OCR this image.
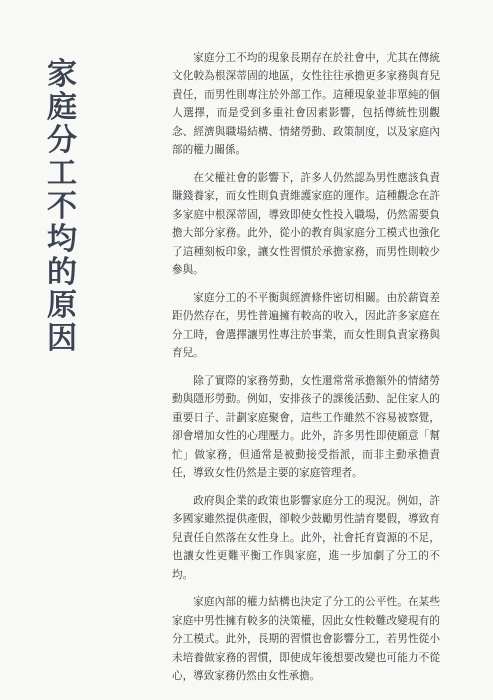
家
庭
分
工
不
均
的
原
因

家庭分工不均的現象長期存在於社會中，尤其在傳統文化較為根深蒂固的地區，女性往往承擔更多家務與育兒責任，而男性則專注於外部工作。這種現象並非單純的個人選擇，而是受到多重社會因素影響，包括傳統性別觀念、經濟與職場結構、情緒勞動、政策制度，以及家庭內部的權力關係。

在父權社會的影響下，許多人仍然認為男性應該負責賺錢養家，而女性則負責維護家庭的運作。這種觀念在許多家庭中根深蒂固，導致即使女性投入職場，仍然需要負擔大部分家務。此外，從小的教育與家庭分工模式也強化了這種刻板印象，讓女性習慣於承擔家務，而男性則較少參與。

家庭分工的不平衡與經濟條件密切相關。由於薪資差距仍然存在，男性普遍擁有較高的收入，因此許多家庭在分工時，會選擇讓男性專注於事業，而女性則負責家務與育兒。

除了實際的家務勞動，女性還常常承擔額外的情緒勞動與隱形勞動。例如，安排孩子的課後活動、記住家人的重要日子、計劃家庭聚會，這些工作雖然不容易被察覺，卻會增加女性的心理壓力。此外，許多男性即使願意「幫忙」做家務，但通常是被動接受指派，而非主動承擔責任，導致女性仍然是主要的家庭管理者。

政府與企業的政策也影響家庭分工的現況。例如，許多國家雖然提供產假，卻較少鼓勵男性請育嬰假，導致育兒責任自然落在女性身上。此外，社會托育資源的不足，也讓女性更難平衡工作與家庭，進一步加劇了分工的不均。

家庭內部的權力結構也決定了分工的公平性。在某些家庭中男性擁有較多的決策權，因此女性較難改變現有的分工模式。此外，長期的習慣也會影響分工，若男性從小未培養做家務的習慣，即使成年後想要改變也可能力不從心，導致家務仍然由女性承擔。
